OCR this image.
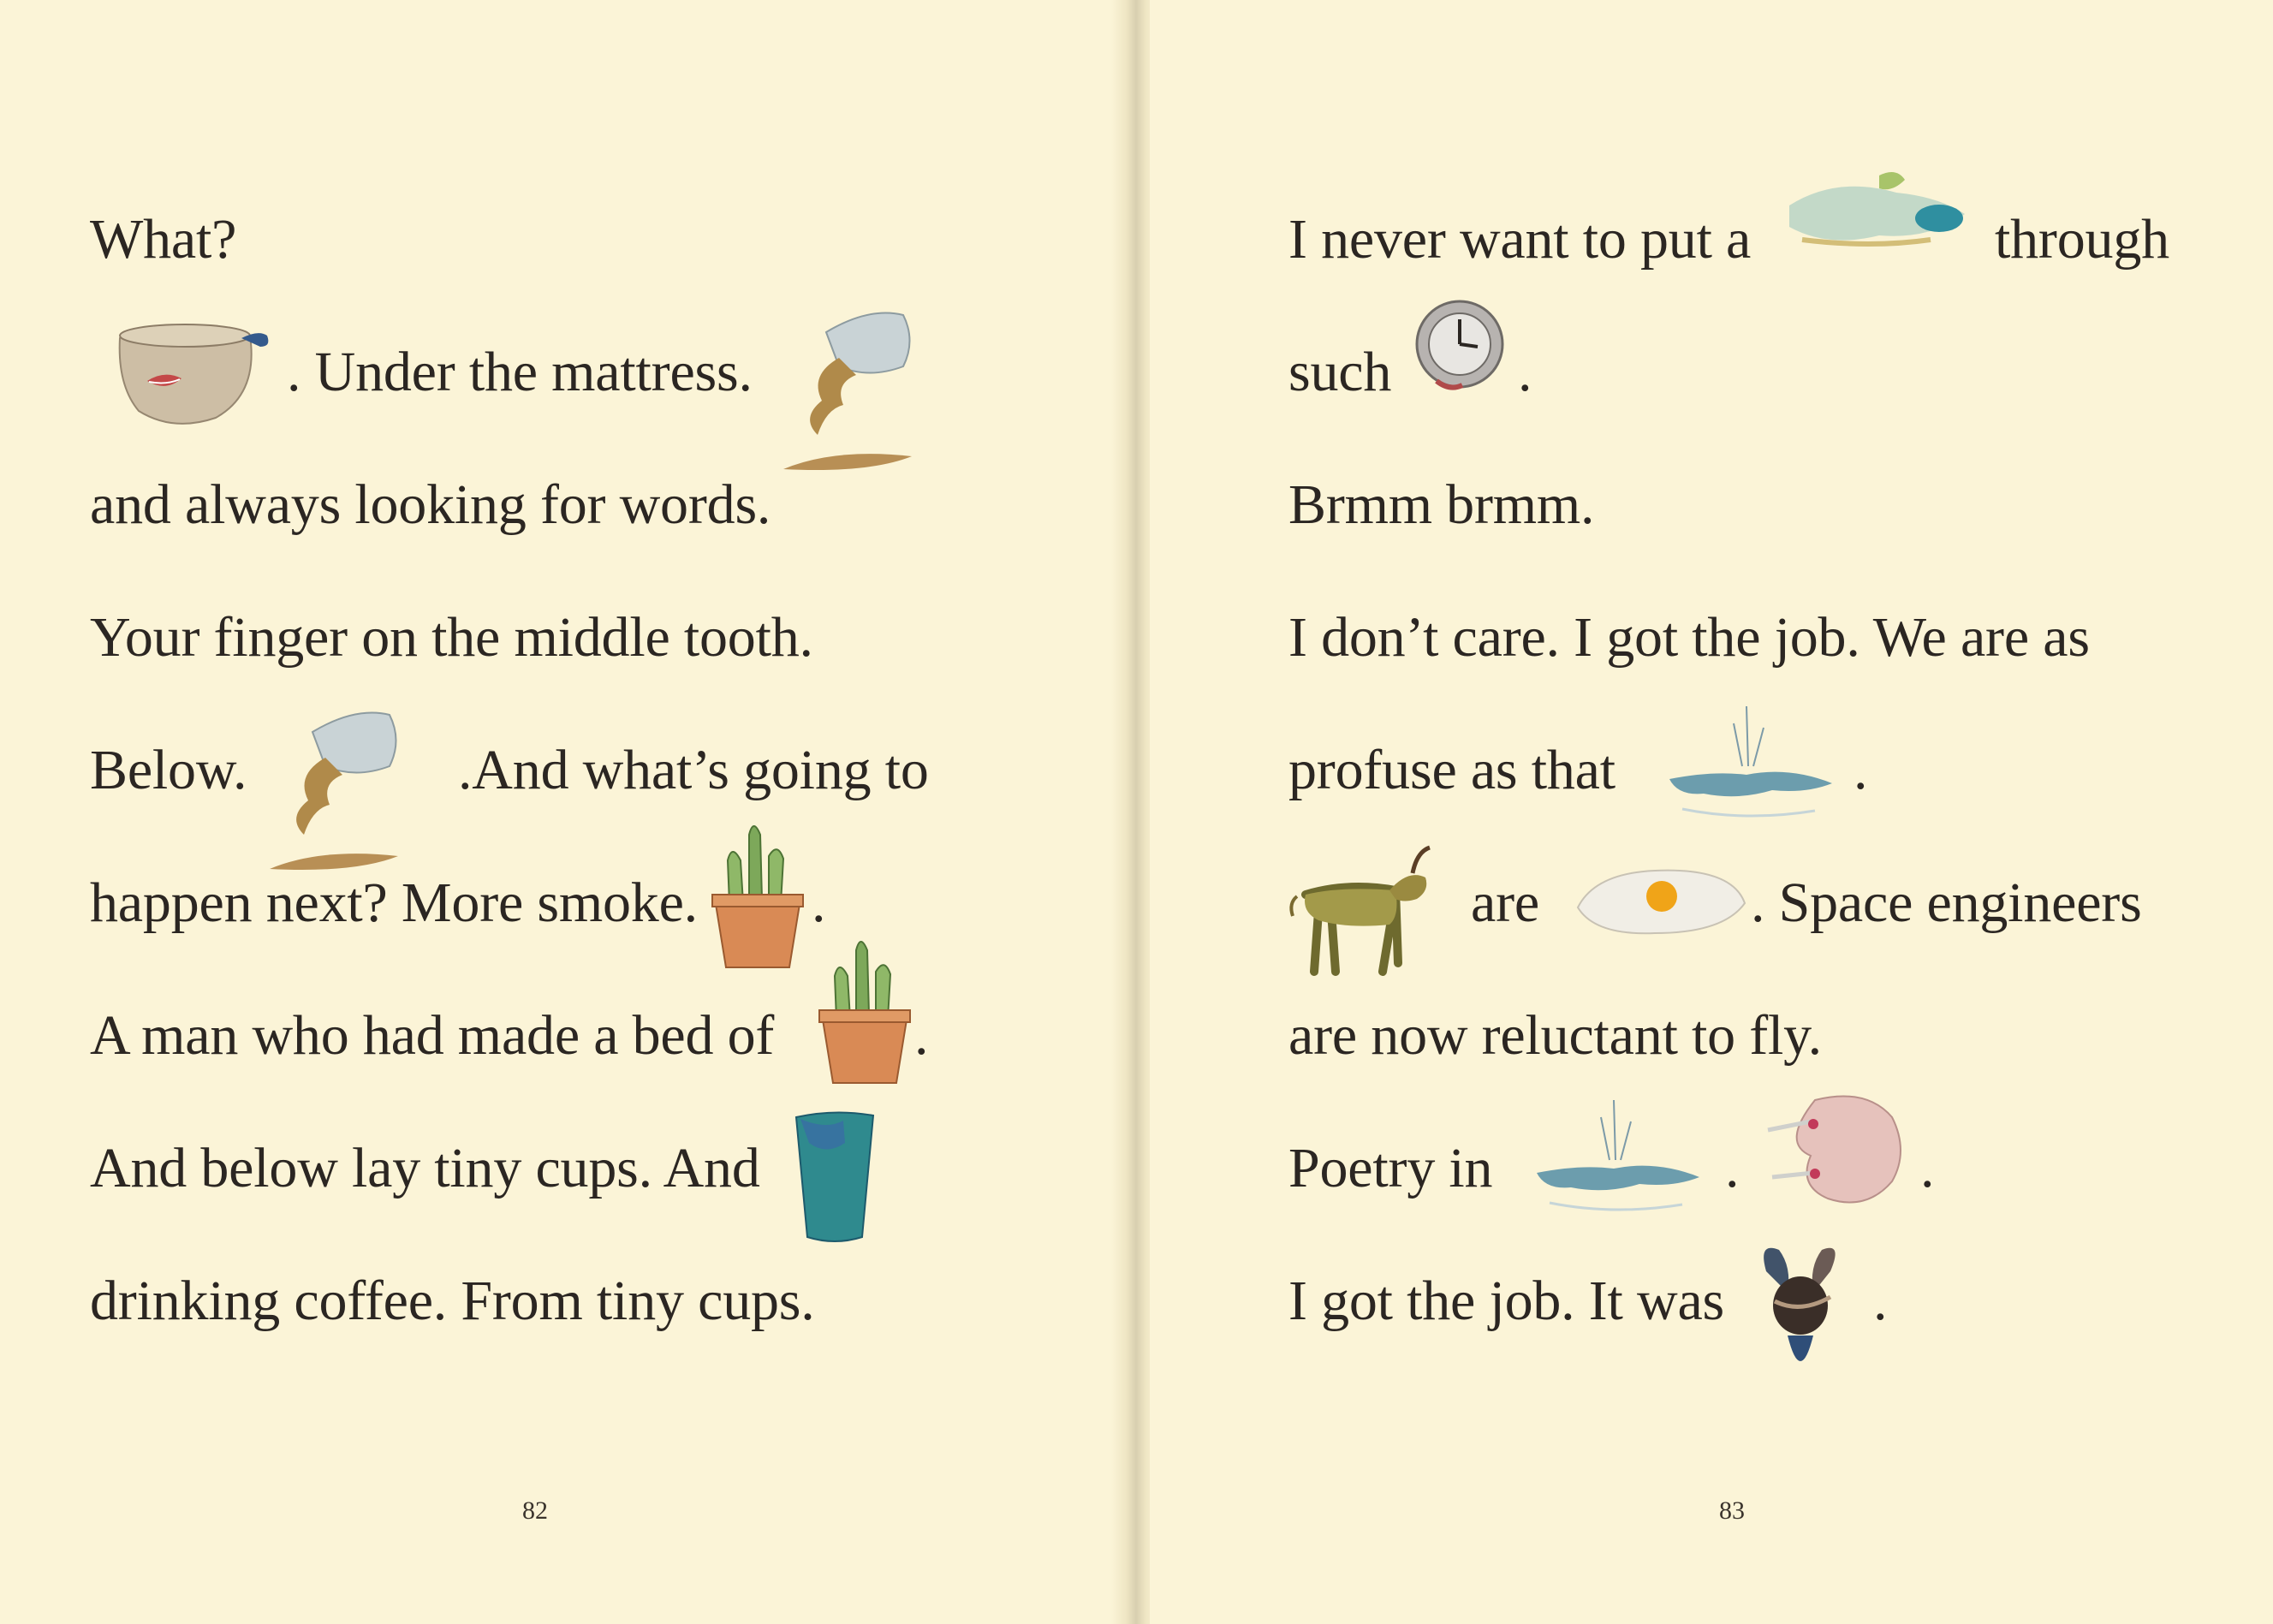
What?
. Under the mattress.
and always looking for words.
Your finger on the middle tooth.
Below.	.And what’s going to
happen next? More smoke. .
A man who had made a bed of .
And below lay tiny cups. And
drinking coffee. From tiny cups.
82
I never want to put a	through
such .
Brmm brmm.
I don’t care. I got the job. We are as
profuse as that	.
are	. Space engineers
are now reluctant to fly.
Poetry in	.	.
I got the job. It was	.
83
